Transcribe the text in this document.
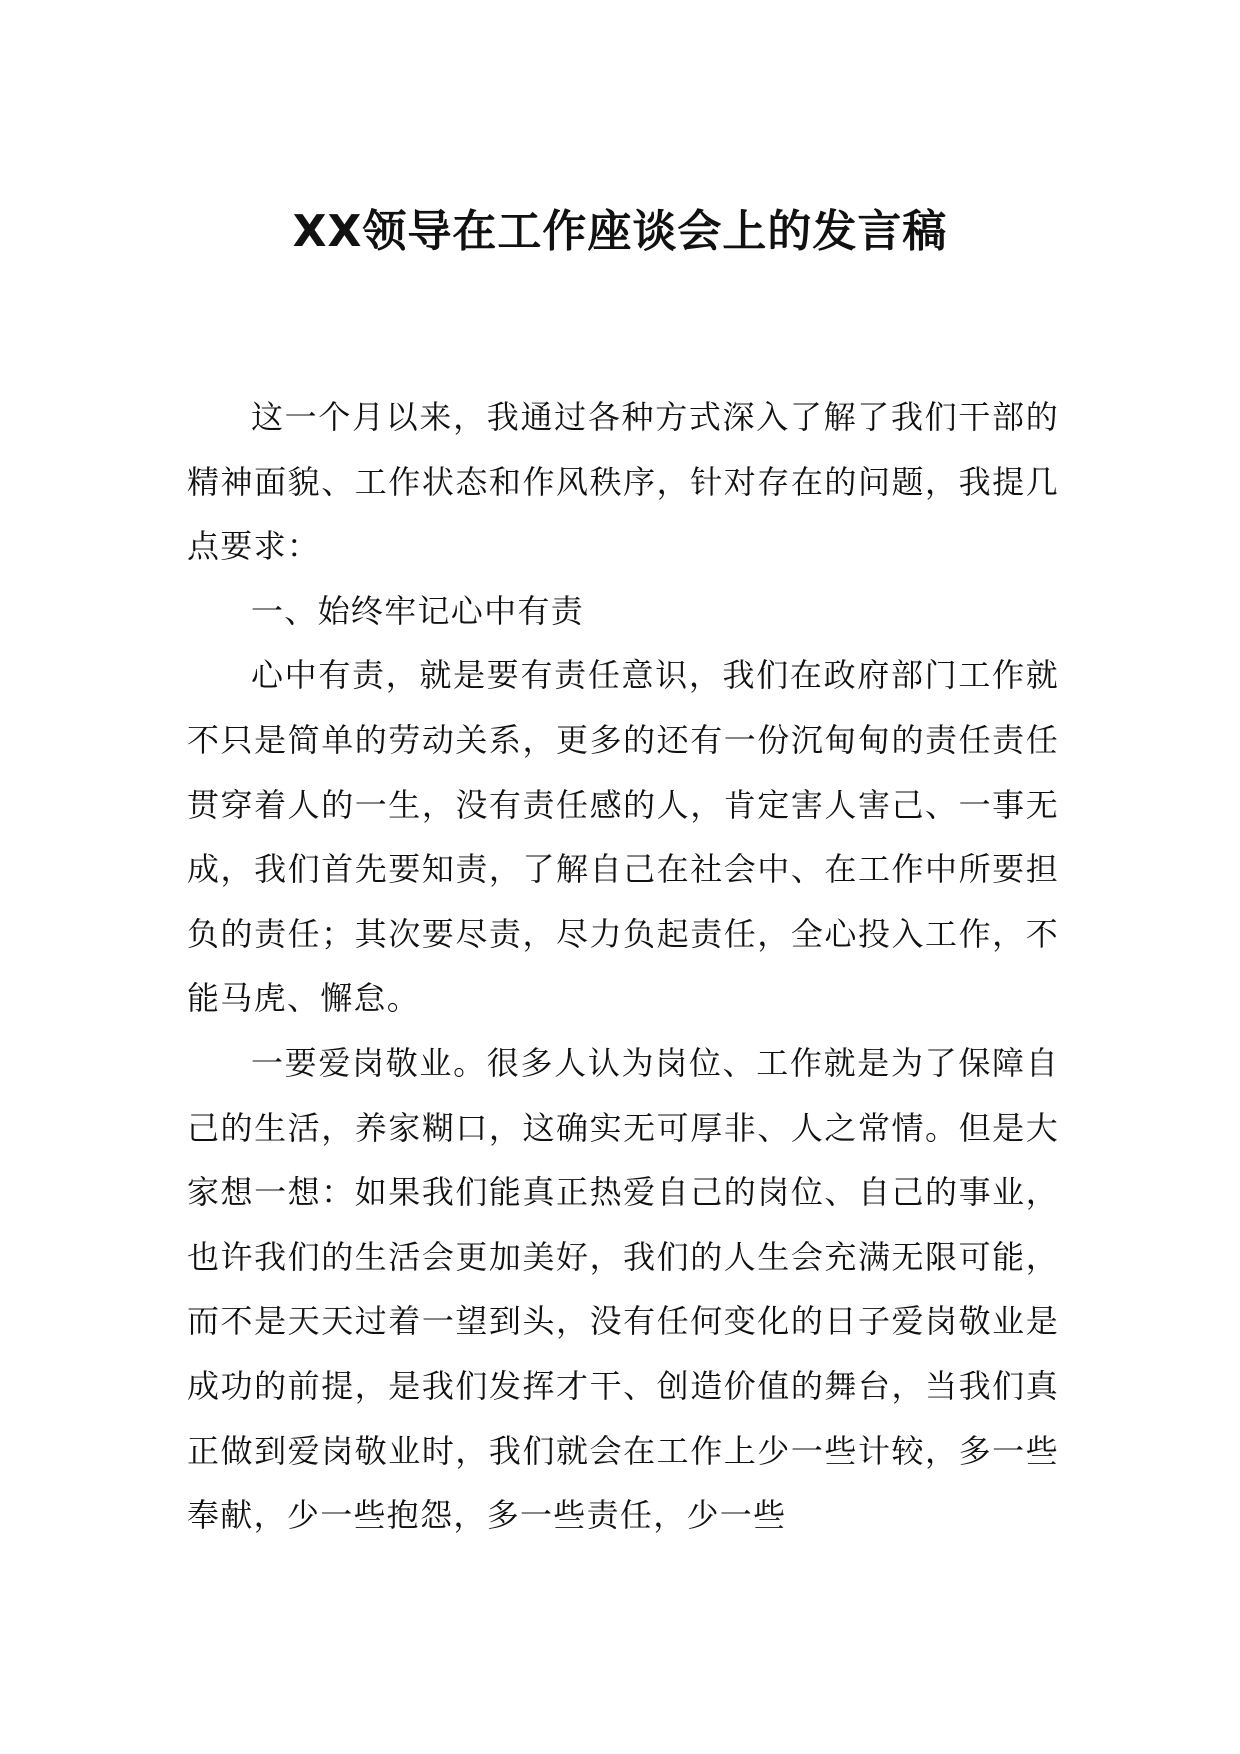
XX领导在工作座谈会上的发言稿

这一个月以来，我通过各种方式深入了解了我们干部的精神面貌、工作状态和作风秩序，针对存在的问题，我提几点要求：

一、始终牢记心中有责

心中有责，就是要有责任意识，我们在政府部门工作就不只是简单的劳动关系，更多的还有一份沉甸甸的责任责任贯穿着人的一生，没有责任感的人，肯定害人害己、一事无成，我们首先要知责，了解自己在社会中、在工作中所要担负的责任；其次要尽责，尽力负起责任，全心投入工作，不能马虎、懈怠。

一要爱岗敬业。很多人认为岗位、工作就是为了保障自己的生活，养家糊口，这确实无可厚非、人之常情。但是大家想一想：如果我们能真正热爱自己的岗位、自己的事业，也许我们的生活会更加美好，我们的人生会充满无限可能，而不是天天过着一望到头，没有任何变化的日子爱岗敬业是成功的前提，是我们发挥才干、创造价值的舞台，当我们真正做到爱岗敬业时，我们就会在工作上少一些计较，多一些奉献，少一些抱怨，多一些责任，少一些
